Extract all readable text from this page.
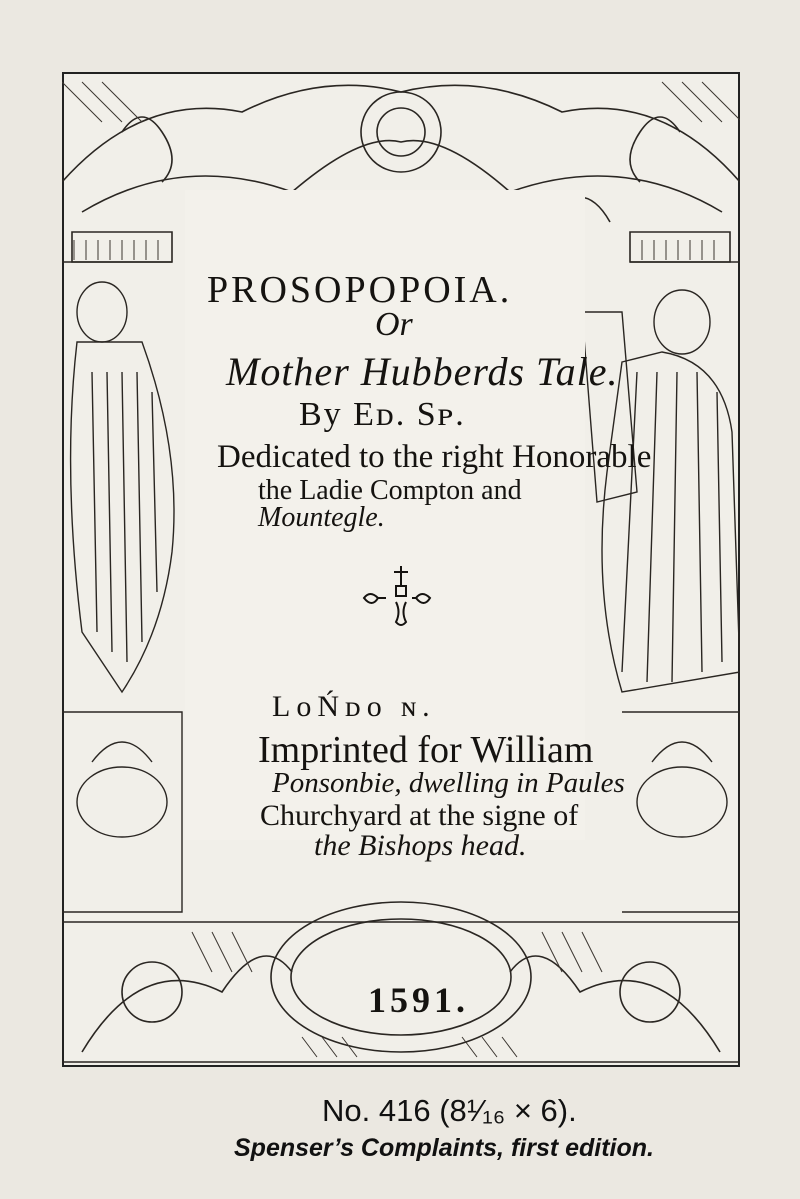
PROSOPOPOIA.
Or
Mother Hubberds Tale.
By Eᴅ. Sᴘ.
Dedicated to the right Honorable
the Ladie Compton and
Mountegle.
LᴏŃᴅᴏ ɴ.
Imprinted for William
Ponsonbie, dwelling in Paules
Churchyard at the signe of
the Bishops head.
1591.
No. 416 (8¹⁄₁₆ × 6).
Spenser’s Complaints, first edition.
